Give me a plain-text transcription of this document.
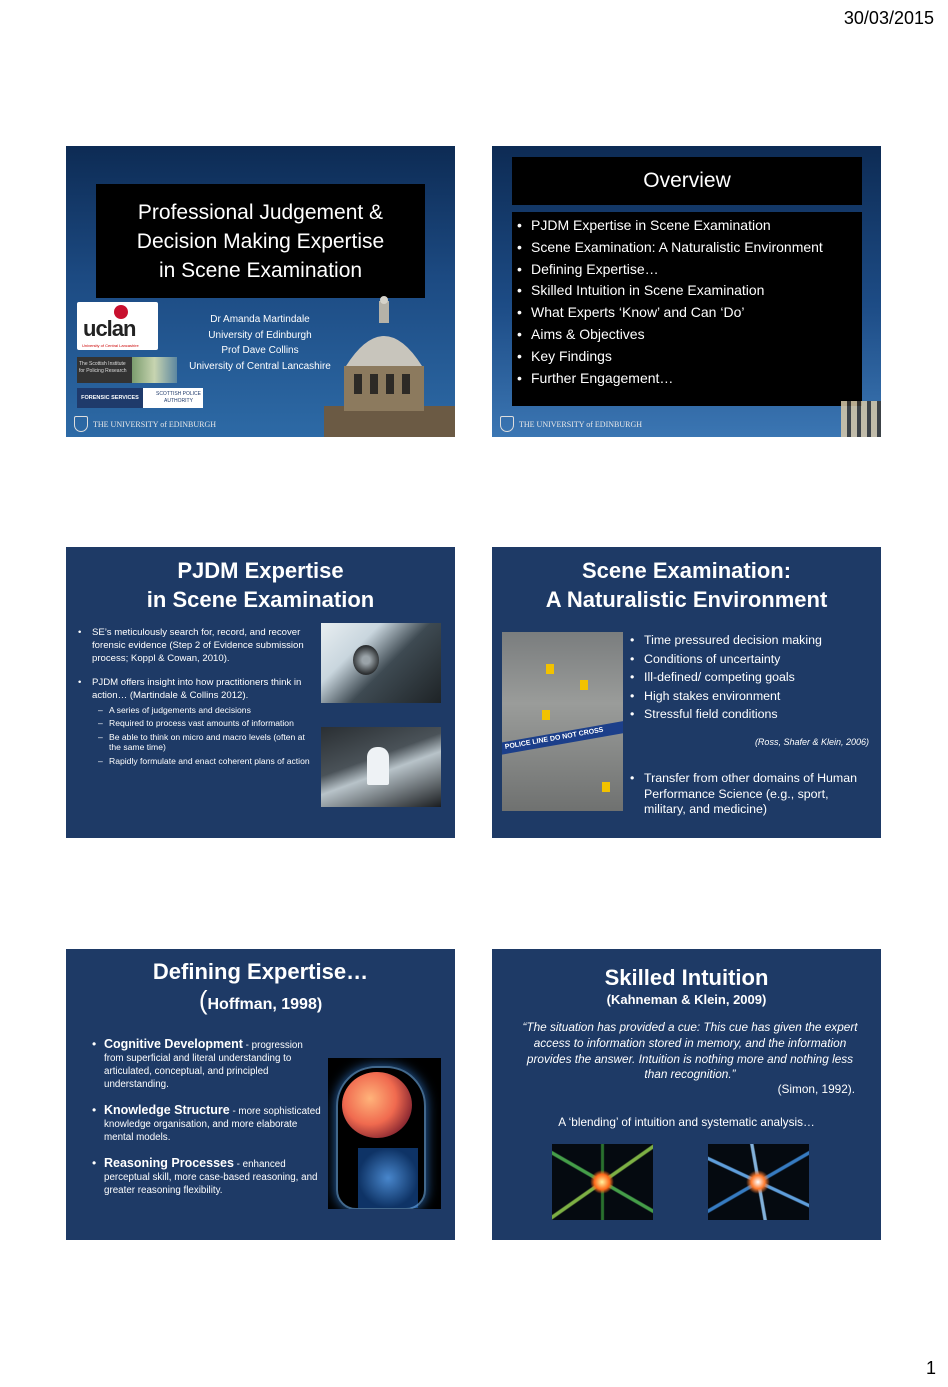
30/03/2015
Professional Judgement &
Decision Making Expertise
in Scene Examination
Dr Amanda Martindale
University of Edinburgh
Prof Dave Collins
University of Central Lancashire
uclan
University of Central Lancashire
The Scottish Institute
for Policing Research
FORENSIC SERVICES
SCOTTISH POLICE
AUTHORITY
THE UNIVERSITY of EDINBURGH
Overview
• PJDM Expertise in Scene Examination
• Scene Examination: A Naturalistic Environment
• Defining Expertise…
• Skilled Intuition in Scene Examination
• What Experts ‘Know’ and Can ‘Do’
• Aims & Objectives
• Key Findings
• Further Engagement…
THE UNIVERSITY of EDINBURGH
PJDM Expertise
in Scene Examination
• SE’s meticulously search for, record, and recover forensic evidence (Step 2 of Evidence submission process; Koppl & Cowan, 2010).
• PJDM offers insight into how practitioners think in action… (Martindale & Collins 2012).
– A series of judgements and decisions
– Required to process vast amounts of information
– Be able to think on micro and macro levels (often at the same time)
– Rapidly formulate and enact coherent plans of action
Scene Examination:
A Naturalistic Environment
POLICE LINE DO NOT CROSS
• Time pressured decision making
• Conditions of uncertainty
• Ill-defined/ competing goals
• High stakes environment
• Stressful field conditions
(Ross, Shafer & Klein, 2006)
• Transfer from other domains of Human Performance Science (e.g., sport, military, and medicine)
Defining Expertise…
(Hoffman, 1998)
• Cognitive Development - progression from superficial and literal understanding to articulated, conceptual, and principled understanding.
• Knowledge Structure - more sophisticated knowledge organisation, and more elaborate mental models.
• Reasoning Processes - enhanced perceptual skill, more case-based reasoning, and greater reasoning flexibility.
Skilled Intuition
(Kahneman & Klein, 2009)
“The situation has provided a cue: This cue has given the expert access to information stored in memory, and the information provides the answer. Intuition is nothing more and nothing less than recognition.”
(Simon, 1992).
A ‘blending’ of intuition and systematic analysis…
1
